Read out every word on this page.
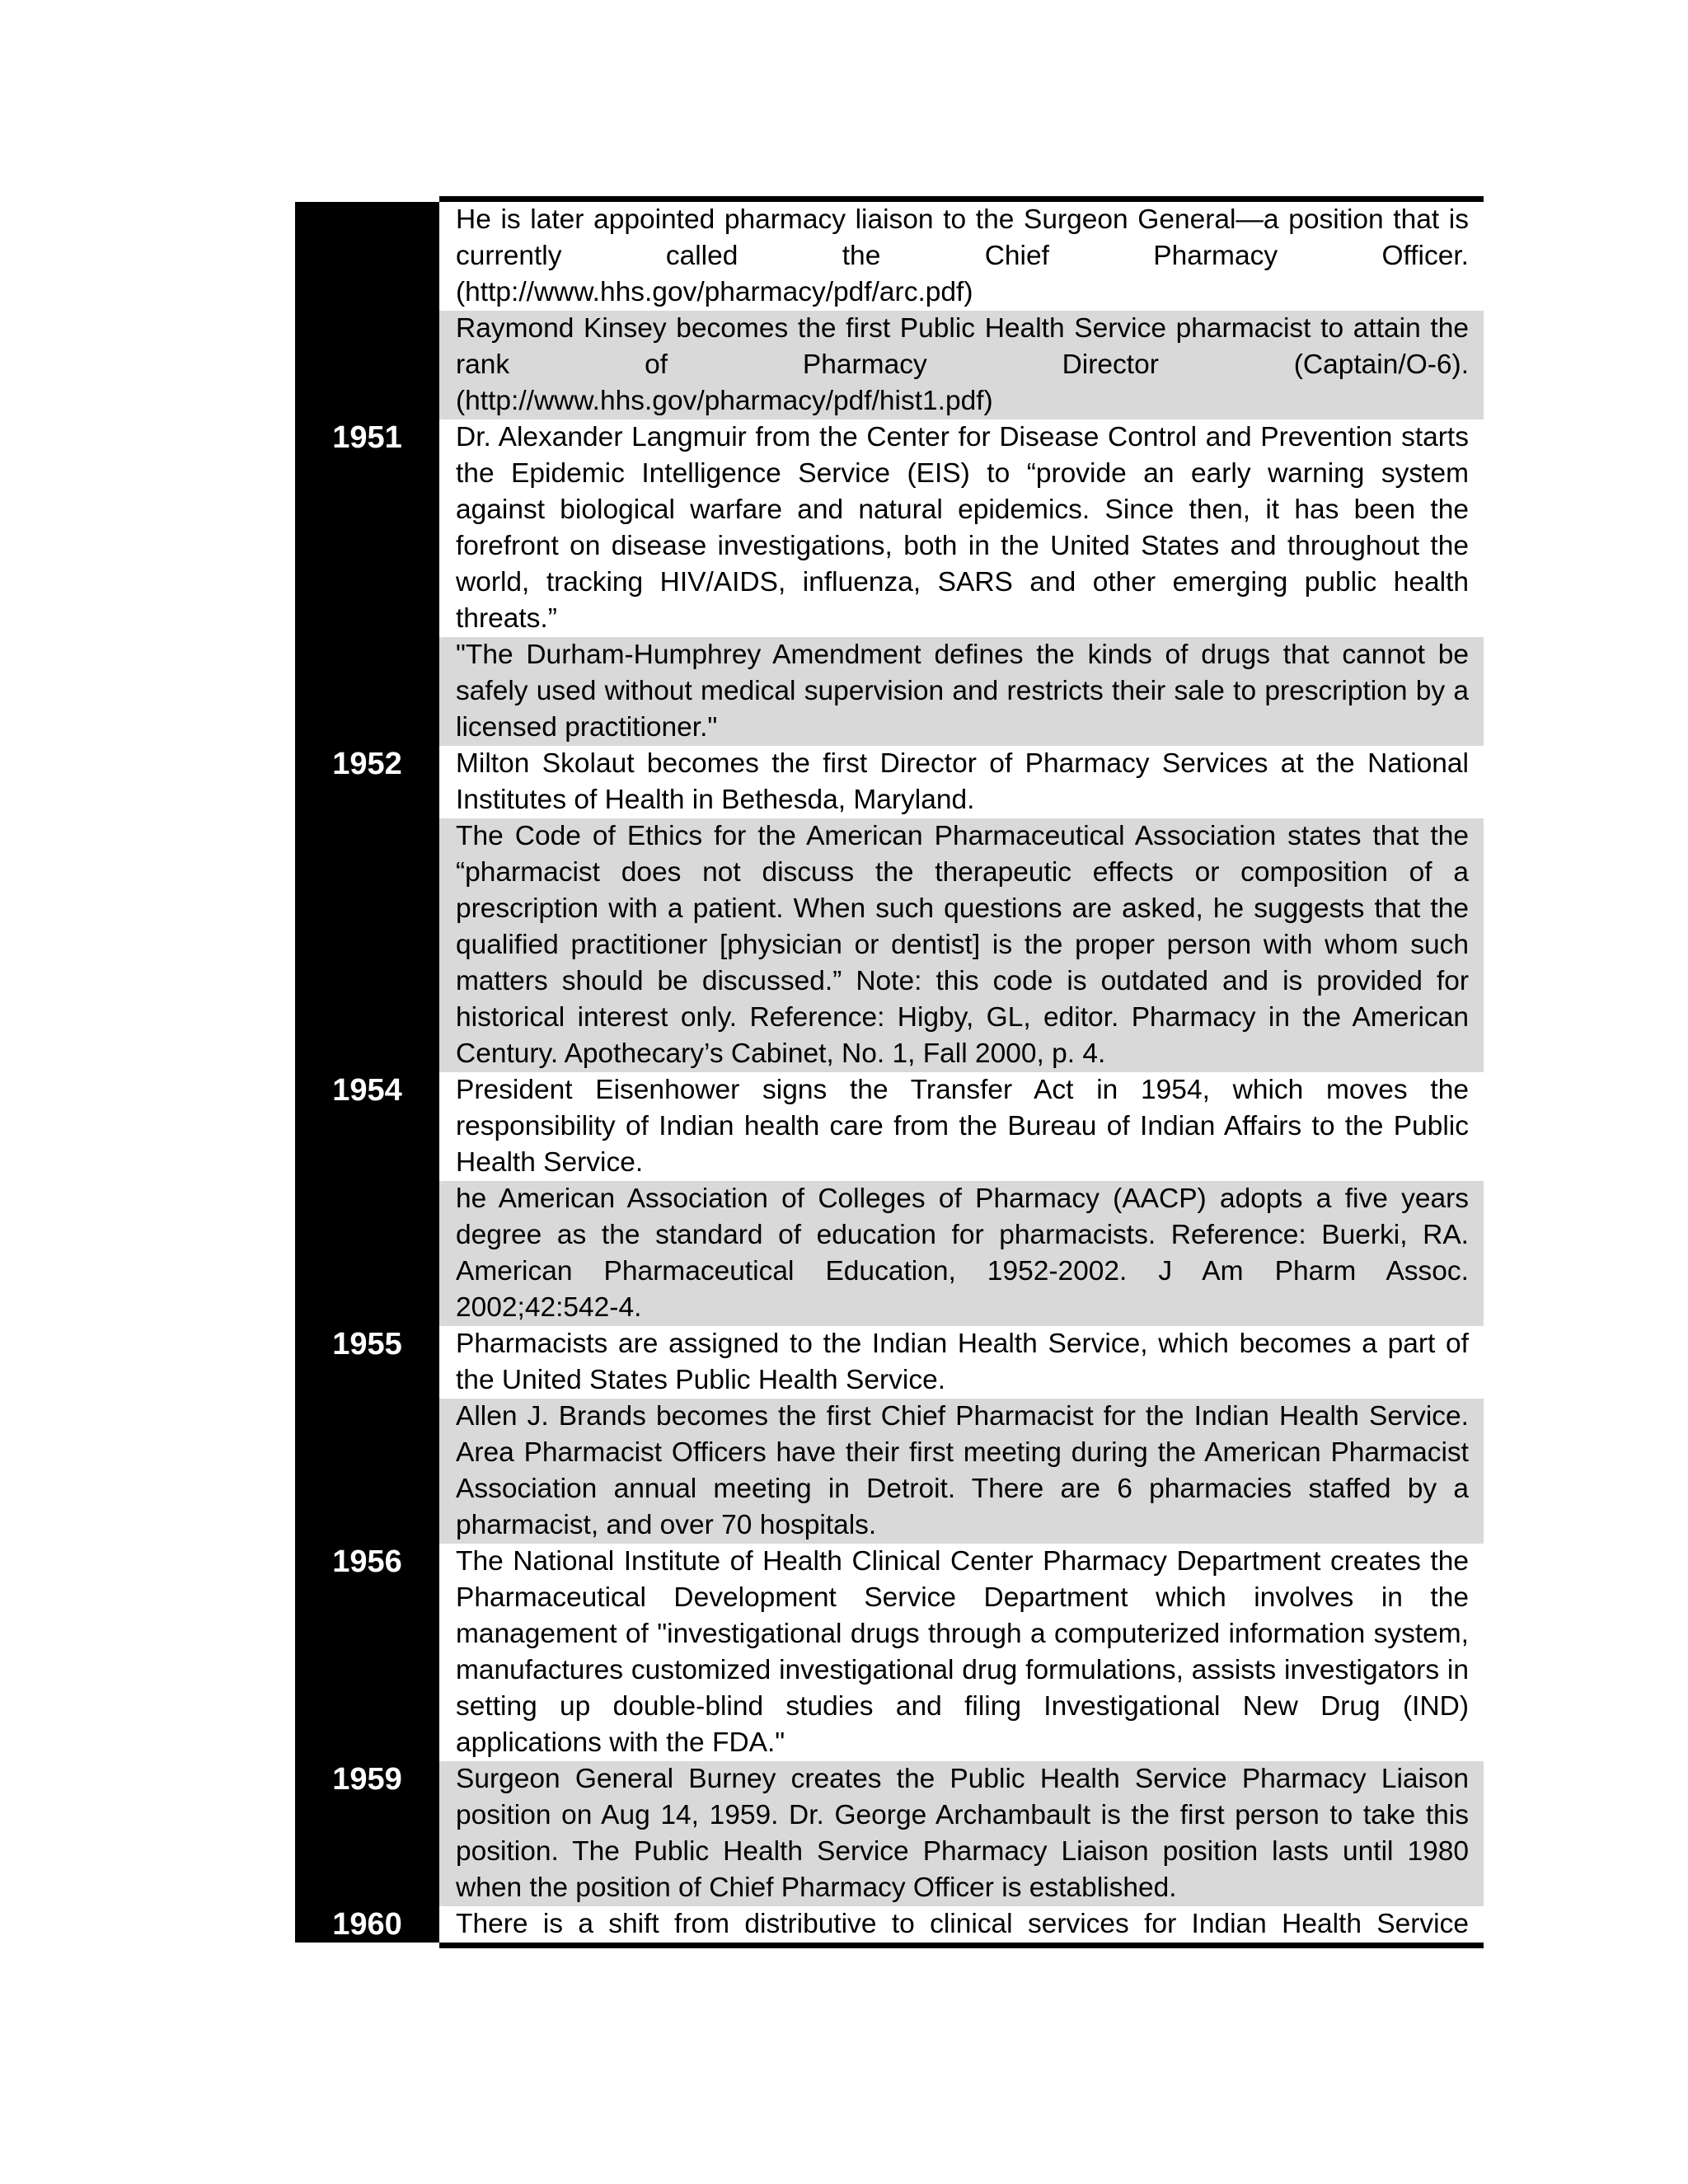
He is later appointed pharmacy liaison to the Surgeon General—a position that is currently called the Chief Pharmacy Officer. (http://www.hhs.gov/pharmacy/pdf/arc.pdf)
Raymond Kinsey becomes the first Public Health Service pharmacist to attain the rank of Pharmacy Director (Captain/O-6). (http://www.hhs.gov/pharmacy/pdf/hist1.pdf)
1951	Dr. Alexander Langmuir from the Center for Disease Control and Prevention starts the Epidemic Intelligence Service (EIS) to “provide an early warning system against biological warfare and natural epidemics. Since then, it has been the forefront on disease investigations, both in the United States and throughout the world, tracking HIV/AIDS, influenza, SARS and other emerging public health threats.”
"The Durham-Humphrey Amendment defines the kinds of drugs that cannot be safely used without medical supervision and restricts their sale to prescription by a licensed practitioner."
1952	Milton Skolaut becomes the first Director of Pharmacy Services at the National Institutes of Health in Bethesda, Maryland.
The Code of Ethics for the American Pharmaceutical Association states that the “pharmacist does not discuss the therapeutic effects or composition of a prescription with a patient. When such questions are asked, he suggests that the qualified practitioner [physician or dentist] is the proper person with whom such matters should be discussed.” Note: this code is outdated and is provided for historical interest only. Reference: Higby, GL, editor. Pharmacy in the American Century. Apothecary’s Cabinet, No. 1, Fall 2000, p. 4.
1954	President Eisenhower signs the Transfer Act in 1954, which moves the responsibility of Indian health care from the Bureau of Indian Affairs to the Public Health Service.
he American Association of Colleges of Pharmacy (AACP) adopts a five years degree as the standard of education for pharmacists. Reference: Buerki, RA. American Pharmaceutical Education, 1952-2002. J Am Pharm Assoc. 2002;42:542-4.
1955	Pharmacists are assigned to the Indian Health Service, which becomes a part of the United States Public Health Service.
Allen J. Brands becomes the first Chief Pharmacist for the Indian Health Service. Area Pharmacist Officers have their first meeting during the American Pharmacist Association annual meeting in Detroit. There are 6 pharmacies staffed by a pharmacist, and over 70 hospitals.
1956	The National Institute of Health Clinical Center Pharmacy Department creates the Pharmaceutical Development Service Department which involves in the management of "investigational drugs through a computerized information system, manufactures customized investigational drug formulations, assists investigators in setting up double-blind studies and filing Investigational New Drug (IND) applications with the FDA."
1959	Surgeon General Burney creates the Public Health Service Pharmacy Liaison position on Aug 14, 1959. Dr. George Archambault is the first person to take this position. The Public Health Service Pharmacy Liaison position lasts until 1980 when the position of Chief Pharmacy Officer is established.
1960	There is a shift from distributive to clinical services for Indian Health Service
